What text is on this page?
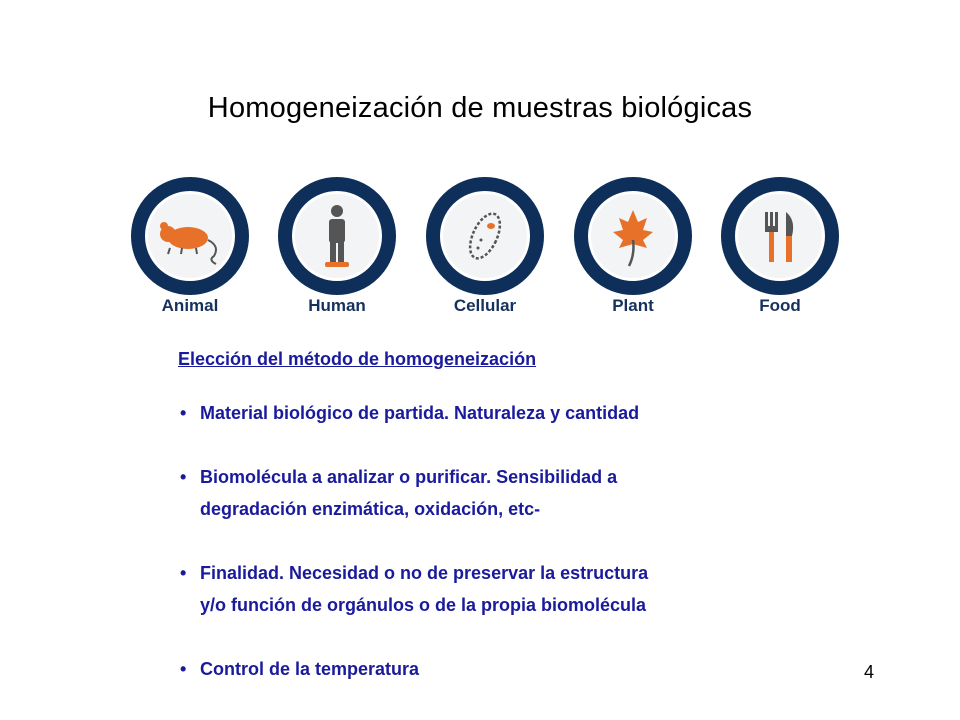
Homogeneización de muestras biológicas
Animal	Human	Cellular	Plant	Food

Elección del método de homogeneización

• Material biológico de partida. Naturaleza y cantidad
• Biomolécula a analizar o purificar. Sensibilidad a
degradación enzimática, oxidación, etc-
• Finalidad. Necesidad o no de preservar la estructura
y/o función de orgánulos o de la propia biomolécula
• Control de la temperatura	4
